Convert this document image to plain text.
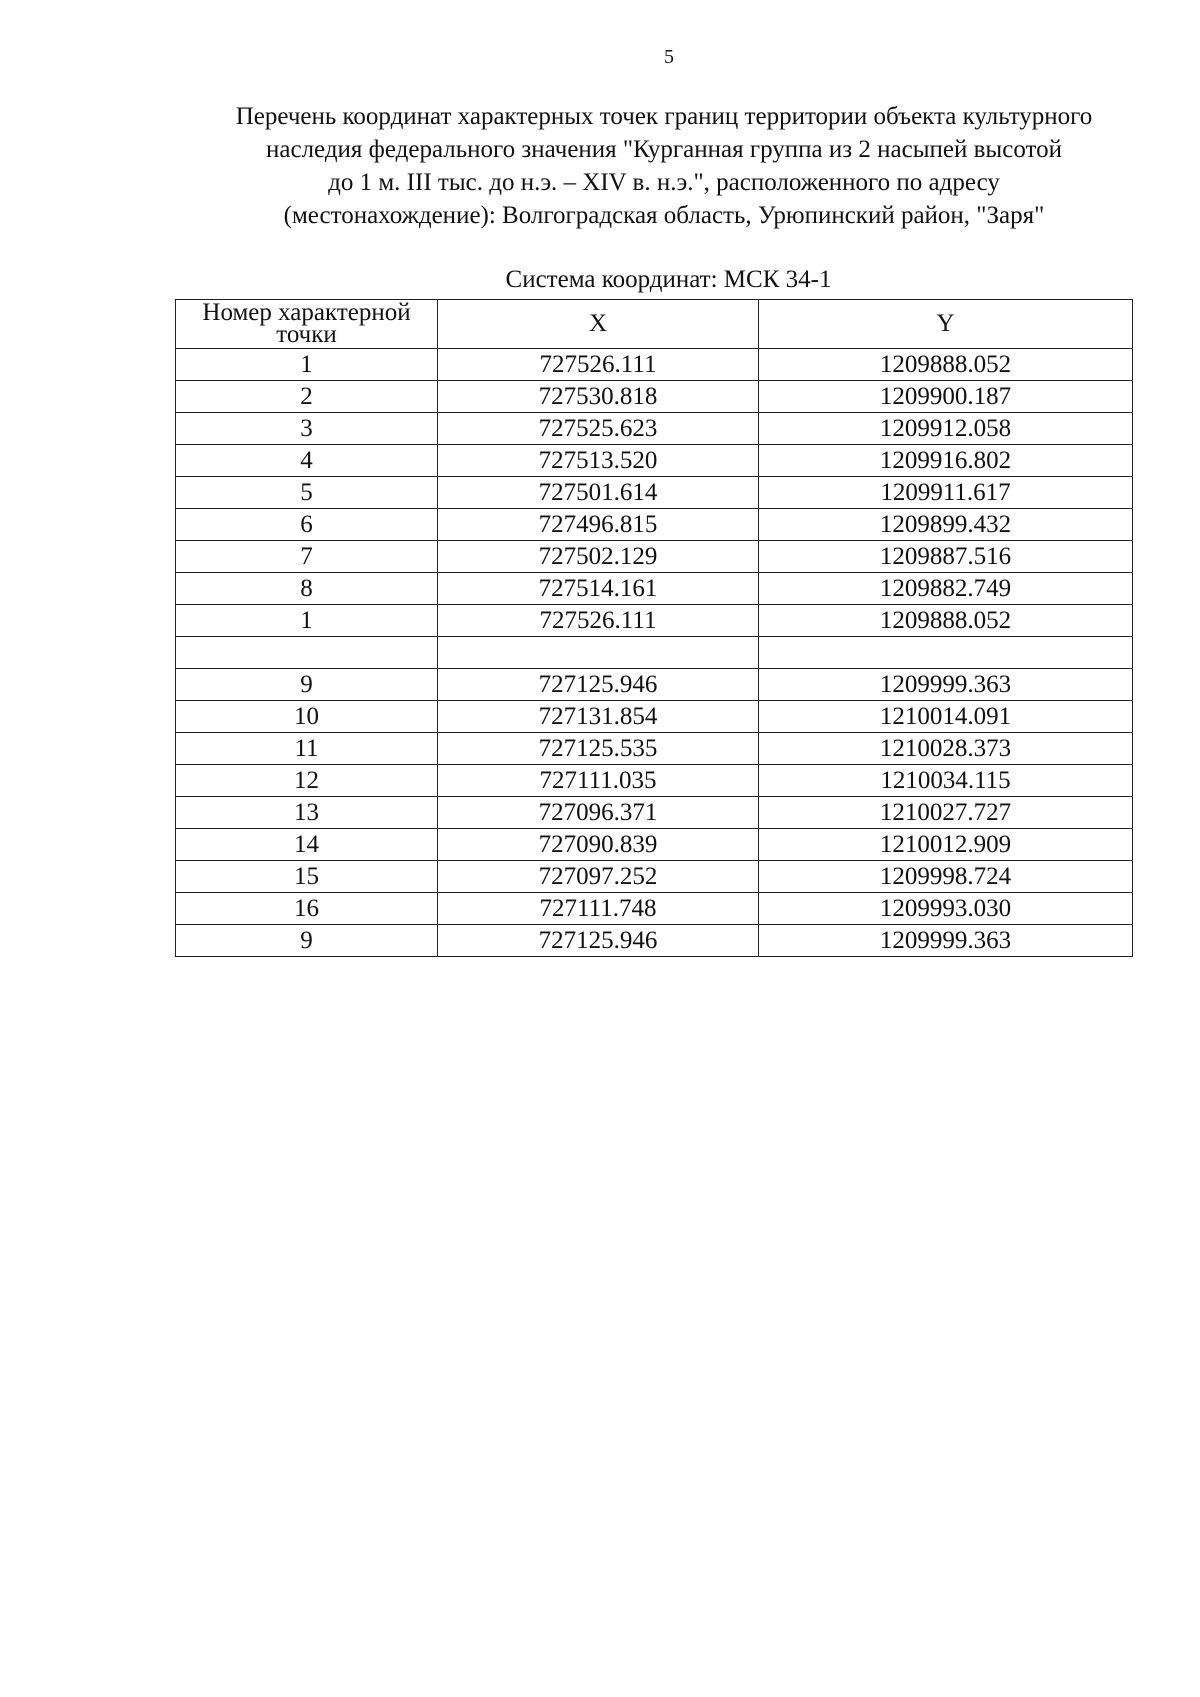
5
Перечень координат характерных точек границ территории объекта культурного
наследия федерального значения "Курганная группа из 2 насыпей высотой
до 1 м. III тыс. до н.э. – XIV в. н.э.", расположенного по адресу
(местонахождение): Волгоградская область, Урюпинский район, "Заря"
Система координат: МСК 34-1
Номер характерной
точки	X	Y
1	727526.111	1209888.052
2	727530.818	1209900.187
3	727525.623	1209912.058
4	727513.520	1209916.802
5	727501.614	1209911.617
6	727496.815	1209899.432
7	727502.129	1209887.516
8	727514.161	1209882.749
1	727526.111	1209888.052

9	727125.946	1209999.363
10	727131.854	1210014.091
11	727125.535	1210028.373
12	727111.035	1210034.115
13	727096.371	1210027.727
14	727090.839	1210012.909
15	727097.252	1209998.724
16	727111.748	1209993.030
9	727125.946	1209999.363
